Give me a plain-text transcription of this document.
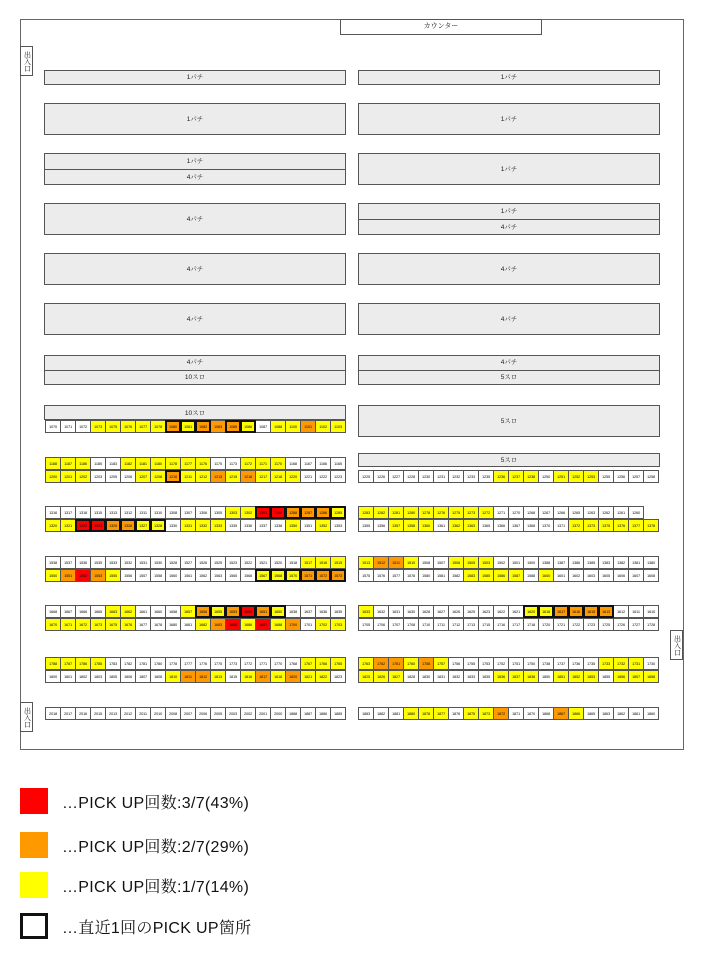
カウンター
出入口
出入口
出入口
1パチ
1パチ
1パチ
4パチ
4パチ
4パチ
4パチ
4パチ
10スロ
1パチ
1パチ
1パチ
1パチ
4パチ
4パチ
4パチ
4パチ
5スロ
10スロ
5スロ
5スロ
1070	1071	1072	1073	1075	1076	1077	1078	1080	1081	1082	1083	1085	1086	1087	1088	1100	1101	1102	1103
1188	1187	1186	1185	1183	1182	1181	1180	1178	1177	1176	1175	1173	1172	1171	1170	1168	1167	1166	1165
1200	1201	1202	1203	1205	1206	1207	1208	1210	1211	1212	1213	1215	1216	1217	1218	1220	1221	1222	1223
1316	1317	1318	1315	1313	1312	1311	1310	1308	1307	1306	1305	1303	1302	1301	1300	1288	1287	1286	1285
1320	1321	1322	1323	1325	1326	1327	1328	1330	1331	1332	1333	1335	1336	1337	1338	1350	1351	1352	1353
1538	1537	1536	1535	1533	1532	1531	1530	1528	1527	1526	1525	1523	1522	1521	1520	1518	1517	1516	1515
1550	1551	1552	1553	1555	1556	1557	1558	1560	1561	1562	1563	1565	1566	1567	1568	1570	1571	1572	1573
1668	1667	1666	1665	1663	1662	1661	1660	1658	1657	1656	1655	1653	1652	1651	1650	1638	1637	1636	1635
1670	1671	1672	1673	1675	1676	1677	1678	1680	1681	1682	1683	1685	1686	1687	1688	1700	1701	1702	1703
1788	1787	1786	1785	1783	1782	1781	1780	1778	1777	1776	1775	1773	1772	1771	1770	1768	1767	1766	1765
1800	1801	1802	1803	1805	1806	1807	1808	1810	1811	1812	1813	1815	1816	1817	1818	1820	1821	1822	1823
2018	2017	2016	2015	2013	2012	2011	2010	2008	2007	2006	2005	2003	2002	2001	2000	1888	1887	1886	1885
1225	1226	1227	1228	1230	1231	1232	1233	1235	1236	1237	1238	1250	1251	1252	1253	1255	1256	1257	1258
1283	1282	1281	1280	1278	1276	1275	1273	1272	1271	1270	1268	1267	1266	1265	1263	1262	1261	1260
1355	1356	1357	1358	1360	1361	1362	1363	1365	1366	1367	1368	1370	1371	1372	1373	1375	1376	1377	1378
1513	1512	1511	1510	1508	1507	1506	1505	1503	1502	1501	1500	1388	1387	1386	1385	1383	1382	1381	1380
1575	1576	1577	1578	1580	1581	1582	1583	1585	1586	1587	1588	1600	1601	1602	1603	1605	1606	1607	1608
1633	1632	1631	1630	1628	1627	1626	1625	1623	1622	1621	1620	1618	1617	1616	1615	1613	1612	1611	1610
1705	1706	1707	1708	1710	1711	1712	1713	1715	1716	1717	1718	1720	1721	1722	1723	1725	1726	1727	1728
1763	1762	1761	1760	1758	1757	1756	1755	1753	1752	1751	1750	1738	1737	1736	1735	1733	1732	1731	1730
1825	1826	1827	1828	1830	1831	1832	1833	1835	1836	1837	1838	1850	1851	1852	1853	1855	1856	1857	1858
1883	1882	1881	1880	1878	1877	1876	1875	1873	1872	1871	1870	1868	1867	1866	1865	1863	1862	1861	1860
…PICK UP回数:3/7(43%)
…PICK UP回数:2/7(29%)
…PICK UP回数:1/7(14%)
…直近1回のPICK UP箇所
